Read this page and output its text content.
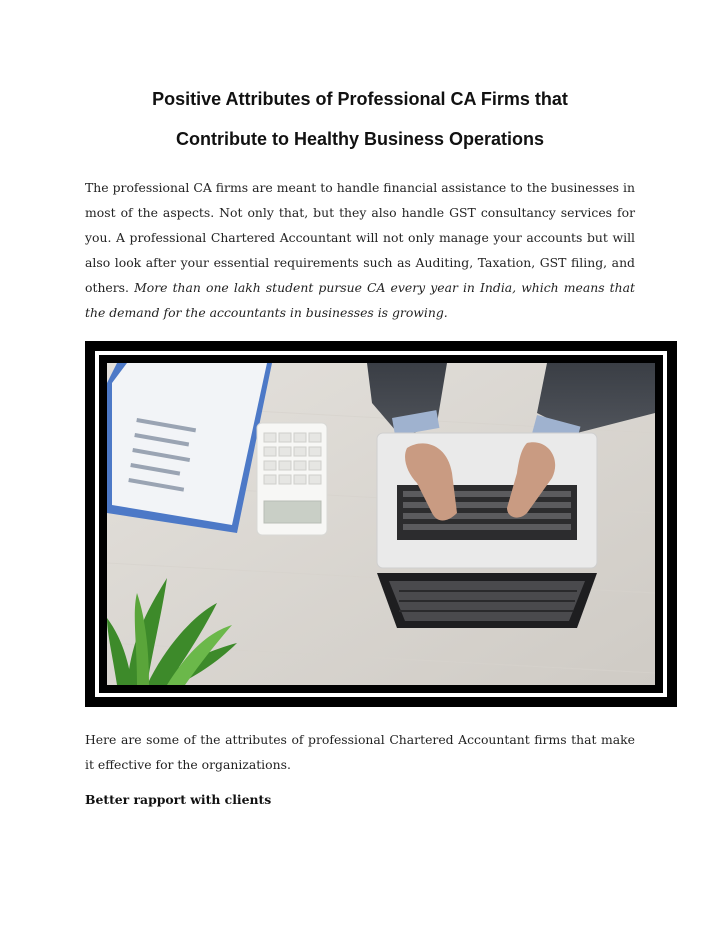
Positive Attributes of Professional CA Firms that
Contribute to Healthy Business Operations

The professional CA firms are meant to handle financial assistance to the businesses in most of the aspects. Not only that, but they also handle GST consultancy services for you. A professional Chartered Accountant will not only manage your accounts but will also look after your essential requirements such as Auditing, Taxation, GST filing, and others. More than one lakh student pursue CA every year in India, which means that the demand for the accountants in businesses is growing.

Here are some of the attributes of professional Chartered Accountant firms that make it effective for the organizations.

Better rapport with clients
